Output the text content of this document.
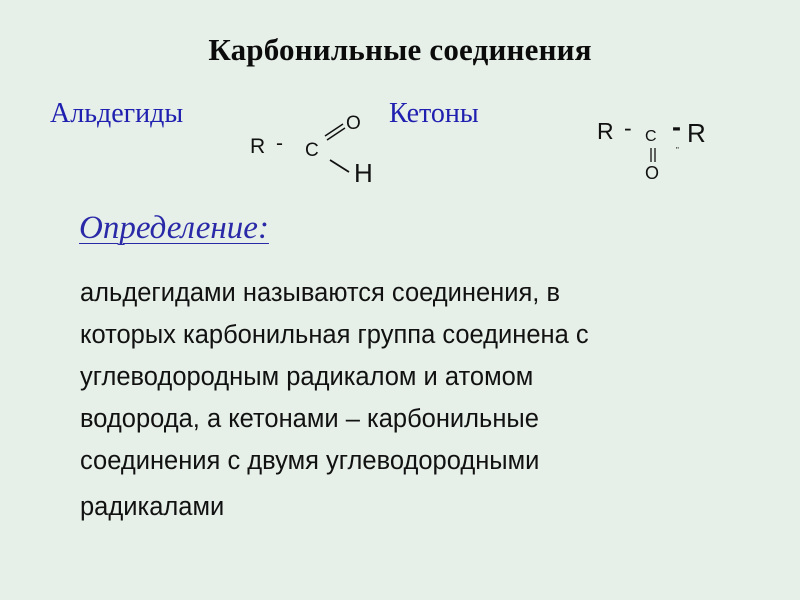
Карбонильные соединения
Альдегиды	Кетоны
R - C
O
H
R - C - R
O
"
Определение:
альдегидами называются соединения, в
которых карбонильная группа соединена с
углеводородным радикалом и атомом
водорода, а кетонами – карбонильные
соединения с двумя углеводородными
радикалами
